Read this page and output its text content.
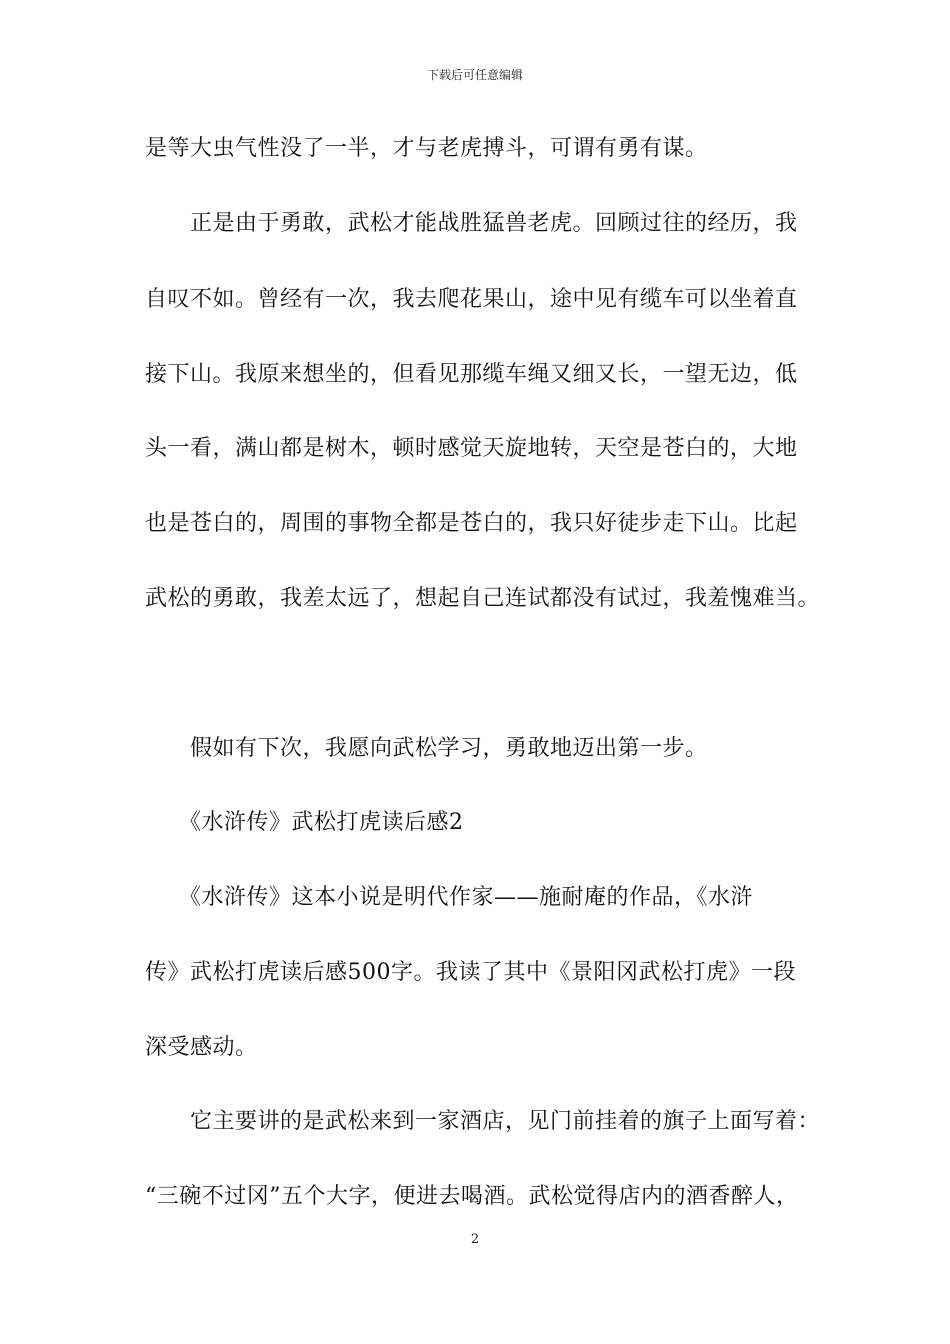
下载后可任意编辑
是等大虫气性没了一半，才与老虎搏斗，可谓有勇有谋。
　　正是由于勇敢，武松才能战胜猛兽老虎。回顾过往的经历，我
自叹不如。曾经有一次，我去爬花果山，途中见有缆车可以坐着直
接下山。我原来想坐的，但看见那缆车绳又细又长，一望无边，低
头一看，满山都是树木，顿时感觉天旋地转，天空是苍白的，大地
也是苍白的，周围的事物全都是苍白的，我只好徒步走下山。比起
武松的勇敢，我差太远了，想起自己连试都没有试过，我羞愧难当。
　　假如有下次，我愿向武松学习，勇敢地迈出第一步。
　　《水浒传》武松打虎读后感2
　　《水浒传》这本小说是明代作家——施耐庵的作品，《水浒
传》武松打虎读后感500字。我读了其中《景阳冈武松打虎》一段
深受感动。
　　它主要讲的是武松来到一家酒店，见门前挂着的旗子上面写着：
“三碗不过冈”五个大字，便进去喝酒。武松觉得店内的酒香醉人，
2
